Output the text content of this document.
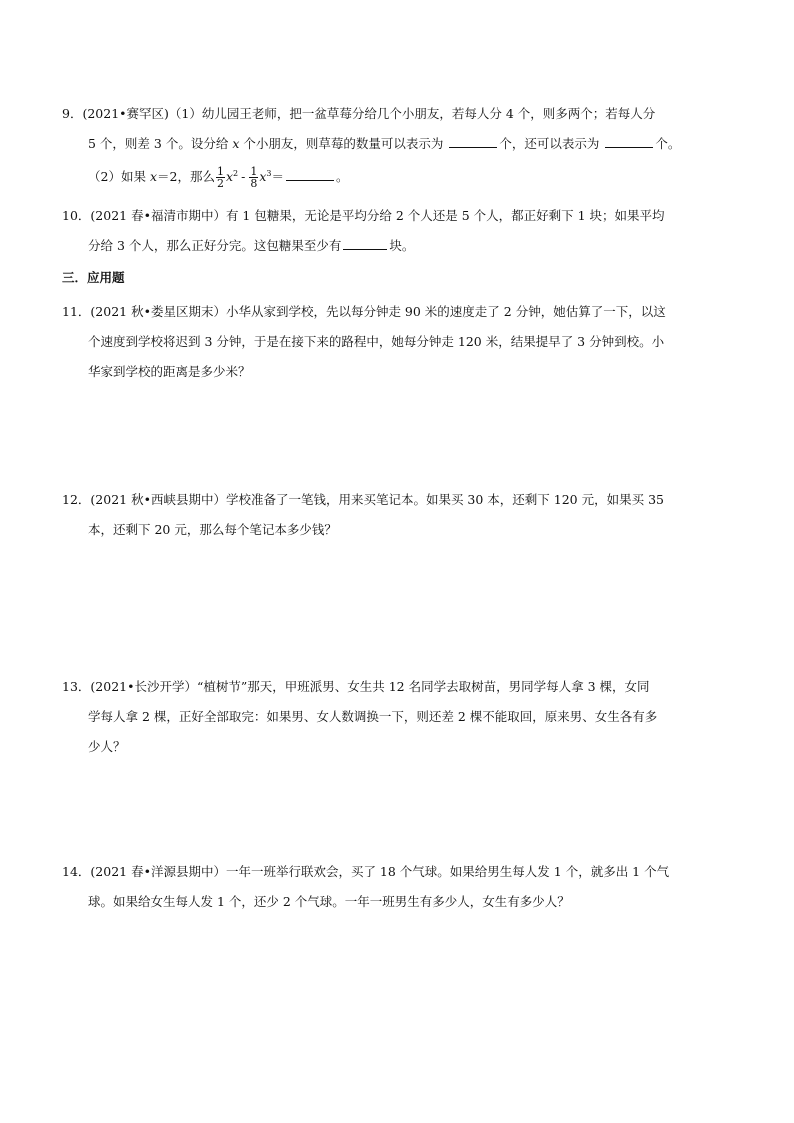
9．(2021•赛罕区)（1）幼儿园王老师，把一盆草莓分给几个小朋友，若每人分 4 个，则多两个；若每人分
5 个，则差 3 个。设分给 x 个小朋友，则草莓的数量可以表示为	个，还可以表示为	个。
（2）如果 x＝2，那么 $\frac{1}{2} x^2 - \frac{1}{8} x^3=$	。
10．(2021 春•福清市期中）有 1 包糖果，无论是平均分给 2 个人还是 5 个人，都正好剩下 1 块；如果平均
分给 3 个人，那么正好分完。这包糖果至少有	块。
三．应用题
11．(2021 秋•娄星区期末）小华从家到学校，先以每分钟走 90 米的速度走了 2 分钟，她估算了一下，以这
个速度到学校将迟到 3 分钟，于是在接下来的路程中，她每分钟走 120 米，结果提早了 3 分钟到校。小
华家到学校的距离是多少米？
12．(2021 秋•西峡县期中）学校准备了一笔钱，用来买笔记本。如果买 30 本，还剩下 120 元，如果买 35
本，还剩下 20 元，那么每个笔记本多少钱？
13．(2021•长沙开学）“植树节”那天，甲班派男、女生共 12 名同学去取树苗，男同学每人拿 3 棵，女同
学每人拿 2 棵，正好全部取完：如果男、女人数调换一下，则还差 2 棵不能取回，原来男、女生各有多
少人？
14．(2021 春•洋源县期中）一年一班举行联欢会，买了 18 个气球。如果给男生每人发 1 个，就多出 1 个气
球。如果给女生每人发 1 个，还少 2 个气球。一年一班男生有多少人，女生有多少人？
